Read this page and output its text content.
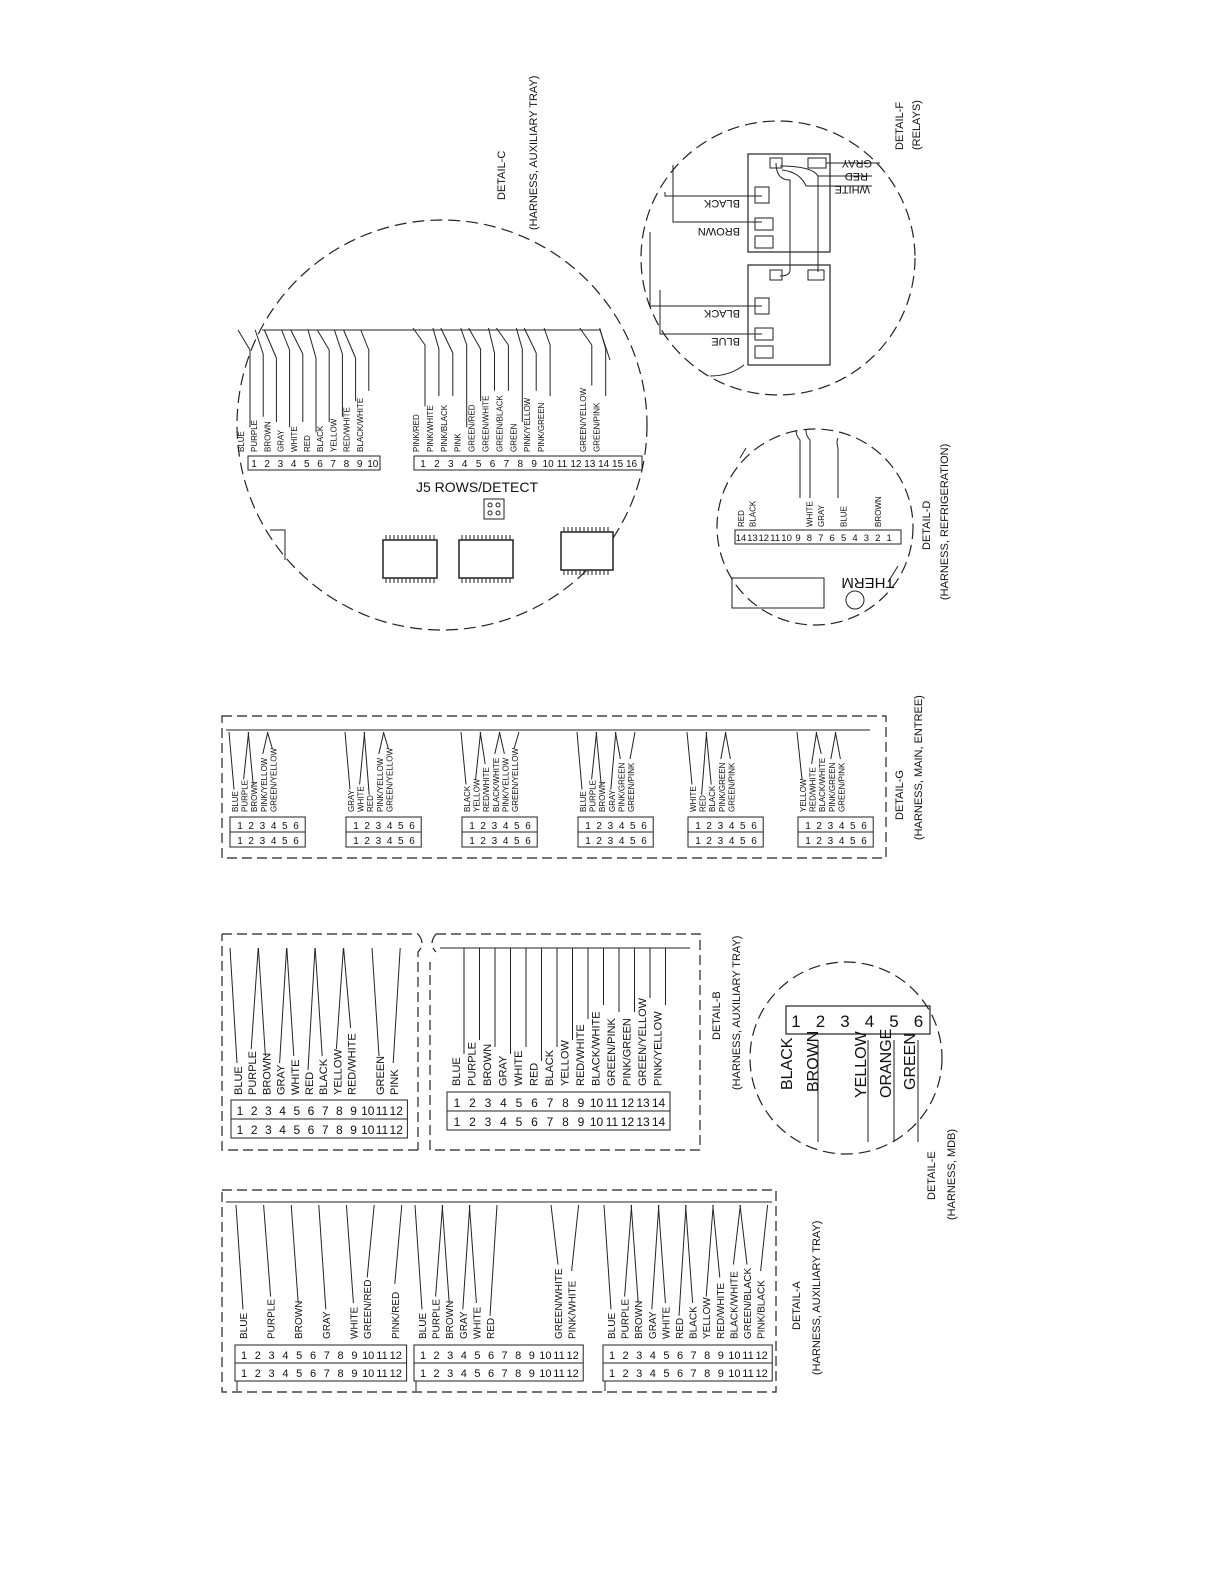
1 2 3 4 5 6 7 8 9 10
BLUE PURPLE BROWN GRAY WHITE RED BLACK YELLOW RED/WHITE BLACK/WHITE
1 2 3 4 5 6 7 8 9 10 11 12 13 14 15 16
PINK/RED PINK/WHITE PINK/BLACK PINK GREEN/RED GREEN/WHITE GREEN/BLACK GREEN PINK/YELLOW PINK/GREEN	GREEN/YELLOW GREEN/PINK
J5 ROWS/DETECT
DETAIL-C (HARNESS, AUXILIARY TRAY)	DETAIL-F (RELAYS)
THERM
DETAIL-D (HARNESS, REFRIGERATION)
DETAIL-G (HARNESS, MAIN, ENTREE)
DETAIL-B (HARNESS, AUXILIARY TRAY)
DETAIL-E (HARNESS, MDB)
DETAIL-A (HARNESS, AUXILIARY TRAY)
BLACK
BROWN
BLACK
BLUE
GRAY
RED
WHITE
14 13 12 11 10 9 8 7 6 5 4 3 2 1
RED BLACK	WHITE GRAY BLUE	BROWN
1 2 3 4 5 6
1 2 3 4 5 6
BLUE PURPLE BROWN PINK/YELLOW GREEN/YELLOW
1 2 3 4 5 6
1 2 3 4 5 6
GRAY WHITE RED PINK/YELLOW GREEN/YELLOW
1 2 3 4 5 6
1 2 3 4 5 6
BLACK YELLOW RED/WHITE BLACK/WHITE PINK/YELLOW GREEN/YELLOW
1 2 3 4 5 6
1 2 3 4 5 6
BLUE PURPLE BROWN GRAY PINK/GREEN GREEN/PINK
1 2 3 4 5 6
1 2 3 4 5 6
WHITE RED BLACK PINK/GREEN GREEN/PINK
1 2 3 4 5 6
1 2 3 4 5 6
YELLOW RED/WHITE BLACK/WHITE PINK/GREEN GREEN/PINK
1 2 3 4 5 6 7 8 9 10 11 12
1 2 3 4 5 6 7 8 9 10 11 12
BLUE PURPLE BROWN GRAY WHITE RED BLACK YELLOW RED/WHITE GREEN PINK
1 2 3 4 5 6 7 8 9 10 11 12 13 14
1 2 3 4 5 6 7 8 9 10 11 12 13 14
BLUE PURPLE BROWN GRAY WHITE RED BLACK YELLOW RED/WHITE BLACK/WHITE GREEN/PINK PINK/GREEN GREEN/YELLOW PINK/YELLOW	1 2 3 4 5 6
BLACK BROWN YELLOW ORANGE GREEN
1 2 3 4 5 6 7 8 9 10 11 12
1 2 3 4 5 6 7 8 9 10 11 12
BLUE PURPLE BROWN GRAY WHITE GREEN/RED PINK/RED
1 2 3 4 5 6 7 8 9 10 11 12
1 2 3 4 5 6 7 8 9 10 11 12
BLUE PURPLE BROWN GRAY WHITE RED	GREEN/WHITE PINK/WHITE
1 2 3 4 5 6 7 8 9 10 11 12
1 2 3 4 5 6 7 8 9 10 11 12
BLUE PURPLE BROWN GRAY WHITE RED BLACK YELLOW RED/WHITE BLACK/WHITE GREEN/BLACK PINK/BLACK
